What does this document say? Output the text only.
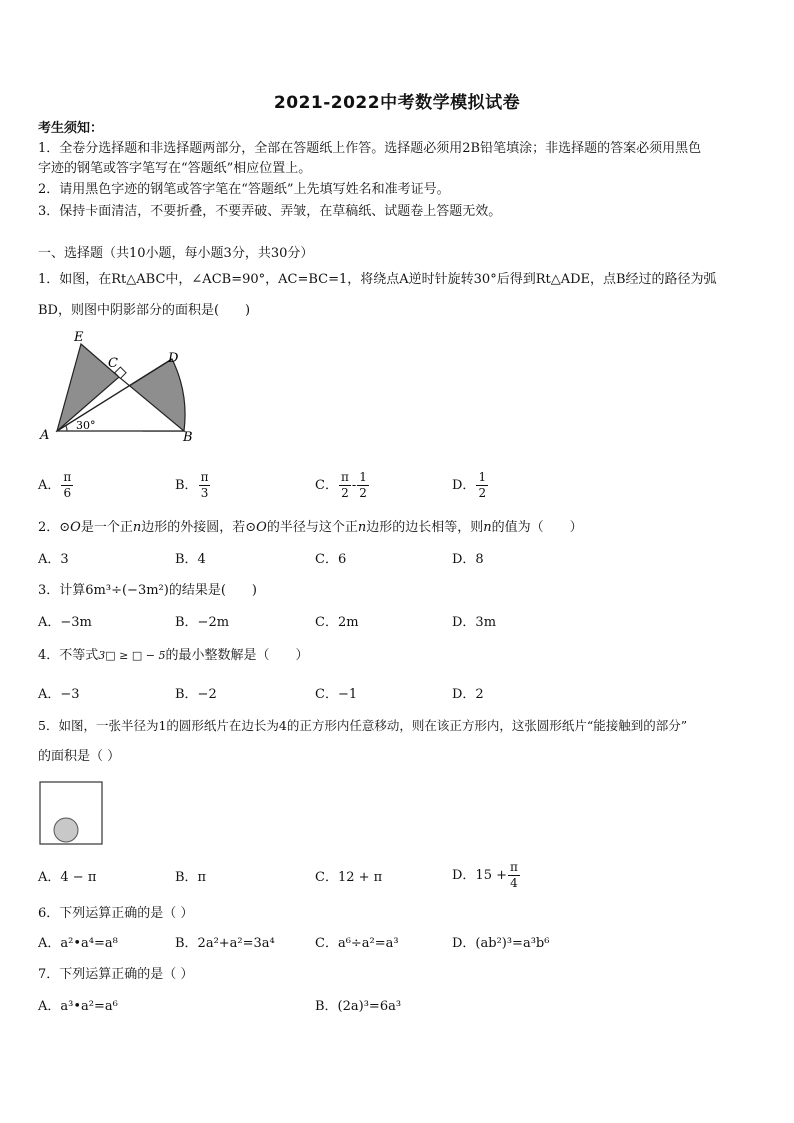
2021-2022中考数学模拟试卷
考生须知：
1．全卷分选择题和非选择题两部分，全部在答题纸上作答。选择题必须用2B铅笔填涂；非选择题的答案必须用黑色
字迹的钢笔或答字笔写在“答题纸”相应位置上。
2．请用黑色字迹的钢笔或答字笔在“答题纸”上先填写姓名和准考证号。
3．保持卡面清洁，不要折叠，不要弄破、弄皱，在草稿纸、试题卷上答题无效。
一、选择题（共10小题，每小题3分，共30分）
1．如图，在Rt△ABC中，∠ACB=90°，AC=BC=1，将绕点A逆时针旋转30°后得到Rt△ADE，点B经过的路径为弧
BD，则图中阴影部分的面积是(　　)
E
C	D
A	B
30°
A． $\frac{\pi}{6}$	B． $\frac{\pi}{3}$	C． $\frac{\pi}{2} - \frac{1}{2}$	D． $\frac{1}{2}$
2．⊙O是一个正n边形的外接圆，若⊙O的半径与这个正n边形的边长相等，则n的值为（　　）
A．3	B．4	C．6	D．8
3．计算6m³÷(−3m²)的结果是(　　)
A．−3m	B．−2m	C．2m	D．3m
4．不等式3□ ≥ □ − 5的最小整数解是（　　）
A．−3	B．−2	C．−1	D．2
5．如图，一张半径为1的圆形纸片在边长为4的正方形内任意移动，则在该正方形内，这张圆形纸片“能接触到的部分”
的面积是（ ）
A．4 − π	B．π	C．12 + π	D．$15 + \frac{\pi}{4}$
6．下列运算正确的是（ ）
A．a²•a⁴=a⁸	B．2a²+a²=3a⁴	C．a⁶÷a²=a³	D．(ab²)³=a³b⁶
7．下列运算正确的是（ ）
A．a³•a²=a⁶	B．(2a)³=6a³
